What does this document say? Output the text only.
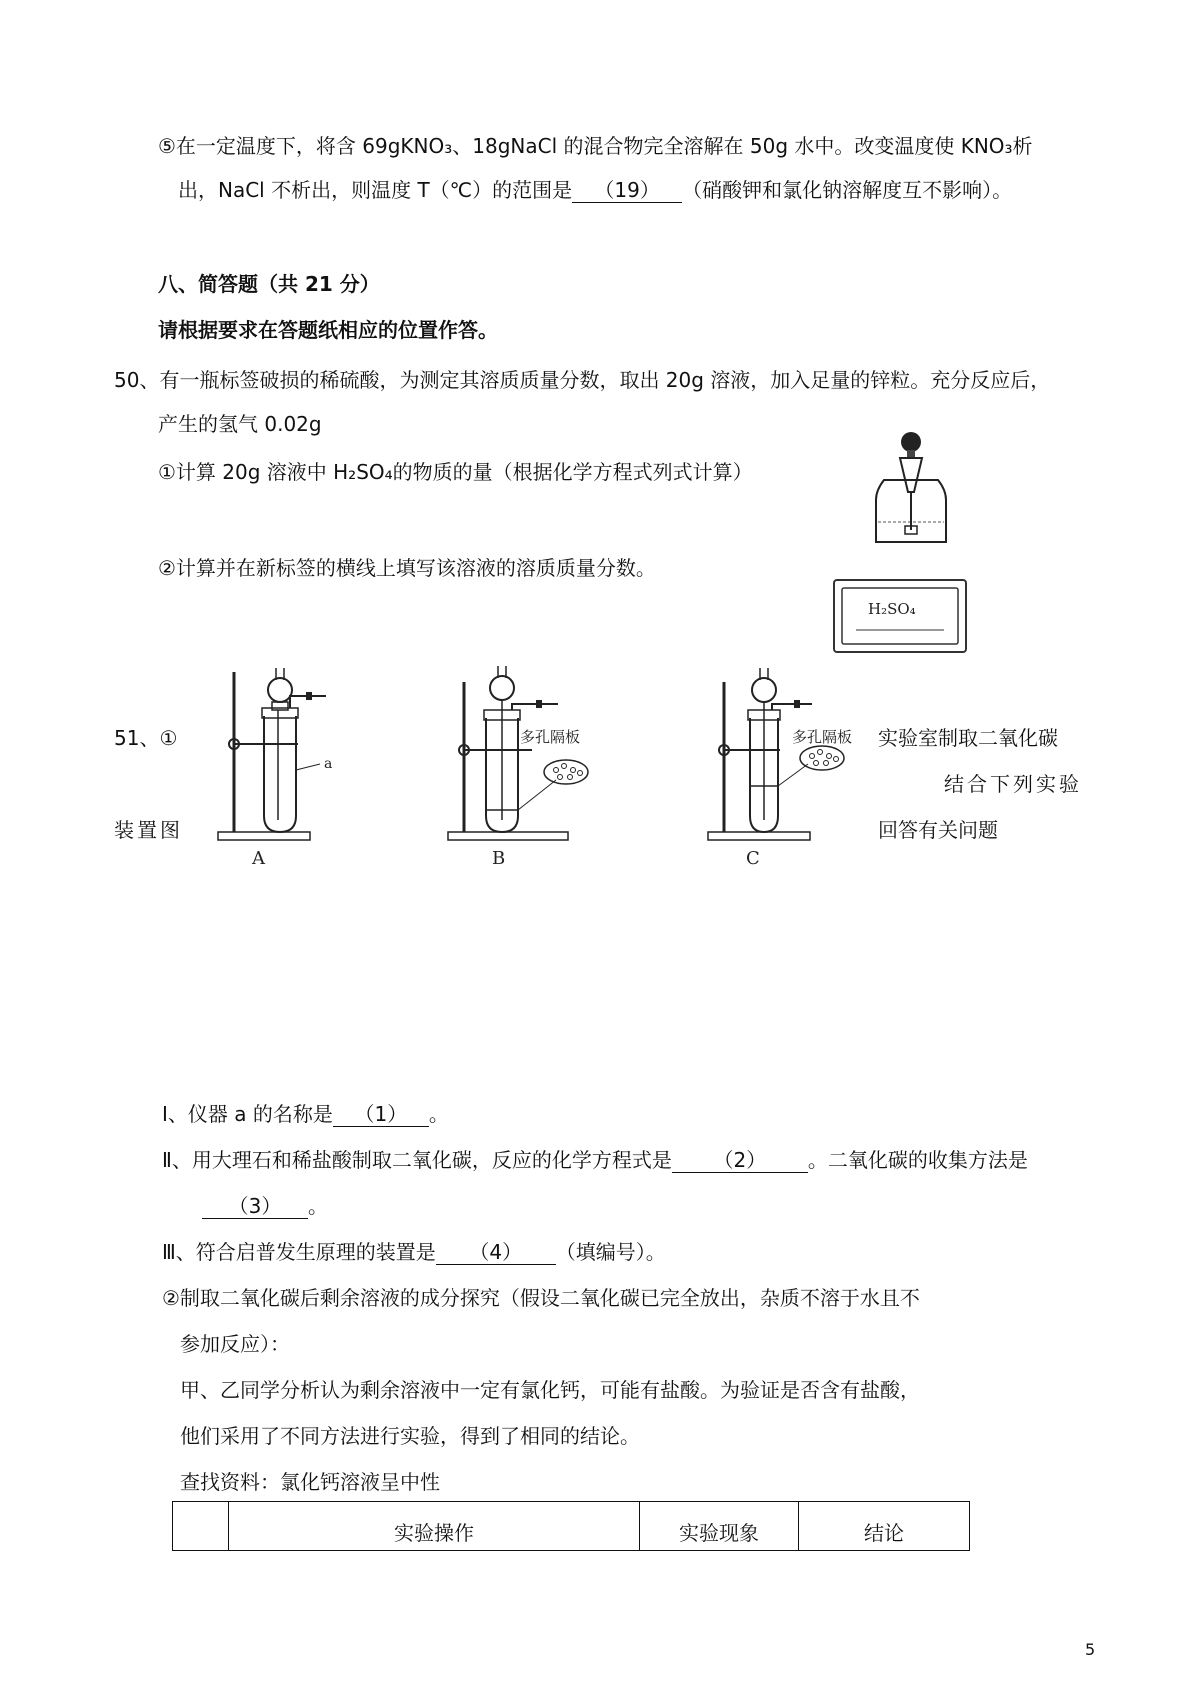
⑤在一定温度下，将含 69gKNO₃、18gNaCl 的混合物完全溶解在 50g 水中。改变温度使 KNO₃析
出，NaCl 不析出，则温度 T（℃）的范围是 （19） （硝酸钾和氯化钠溶解度互不影响）。
八、简答题（共 21 分）
请根据要求在答题纸相应的位置作答。
50、有一瓶标签破损的稀硫酸，为测定其溶质质量分数，取出 20g 溶液，加入足量的锌粒。充分反应后，
产生的氢气 0.02g
①计算 20g 溶液中 H₂SO₄的物质的量（根据化学方程式列式计算）
②计算并在新标签的横线上填写该溶液的溶质质量分数。
H₂SO₄
51、①
装置图
实验室制取二氧化碳
结合下列实验
回答有关问题
a
A
多孔隔板
B
多孔隔板
C
Ⅰ、仪器 a 的名称是 （1） 。
Ⅱ、用大理石和稀盐酸制取二氧化碳，反应的化学方程式是 （2） 。二氧化碳的收集方法是
（3） 。
Ⅲ、符合启普发生原理的装置是 （4） （填编号）。
②制取二氧化碳后剩余溶液的成分探究（假设二氧化碳已完全放出，杂质不溶于水且不
参加反应）：
甲、乙同学分析认为剩余溶液中一定有氯化钙，可能有盐酸。为验证是否含有盐酸，
他们采用了不同方法进行实验，得到了相同的结论。
查找资料：氯化钙溶液呈中性
	实验操作	实验现象	结论
5
